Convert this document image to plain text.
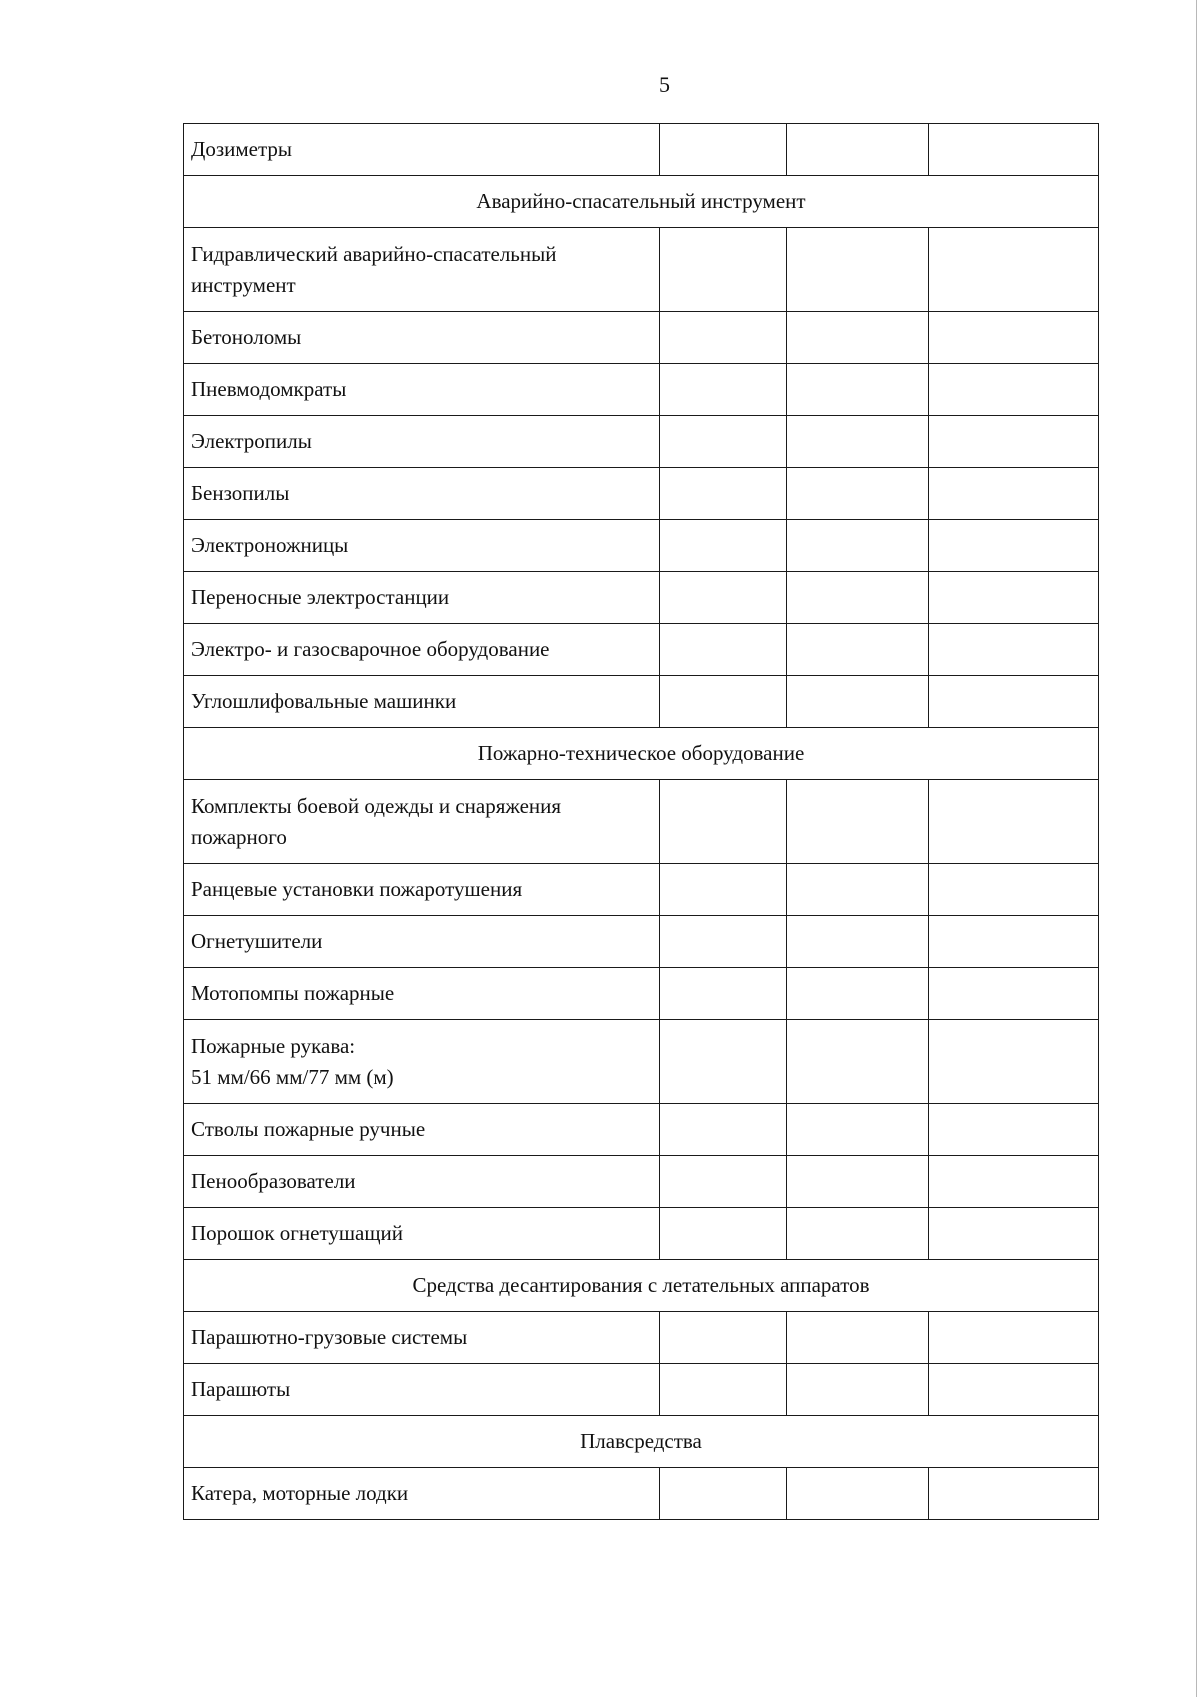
5
Дозиметры			
Аварийно-спасательный инструмент			
Гидравлический аварийно-спасательный
инструмент			
Бетоноломы			
Пневмодомкраты			
Электропилы			
Бензопилы			
Электроножницы			
Переносные электростанции			
Электро- и газосварочное оборудование			
Углошлифовальные машинки			
Пожарно-техническое оборудование			
Комплекты боевой одежды и снаряжения
пожарного			
Ранцевые установки пожаротушения			
Огнетушители			
Мотопомпы пожарные			
Пожарные рукава:
51 мм/66 мм/77 мм (м)			
Стволы пожарные ручные			
Пенообразователи			
Порошок огнетушащий			
Средства десантирования с летательных аппаратов			
Парашютно-грузовые системы			
Парашюты			
Плавсредства			
Катера, моторные лодки			
